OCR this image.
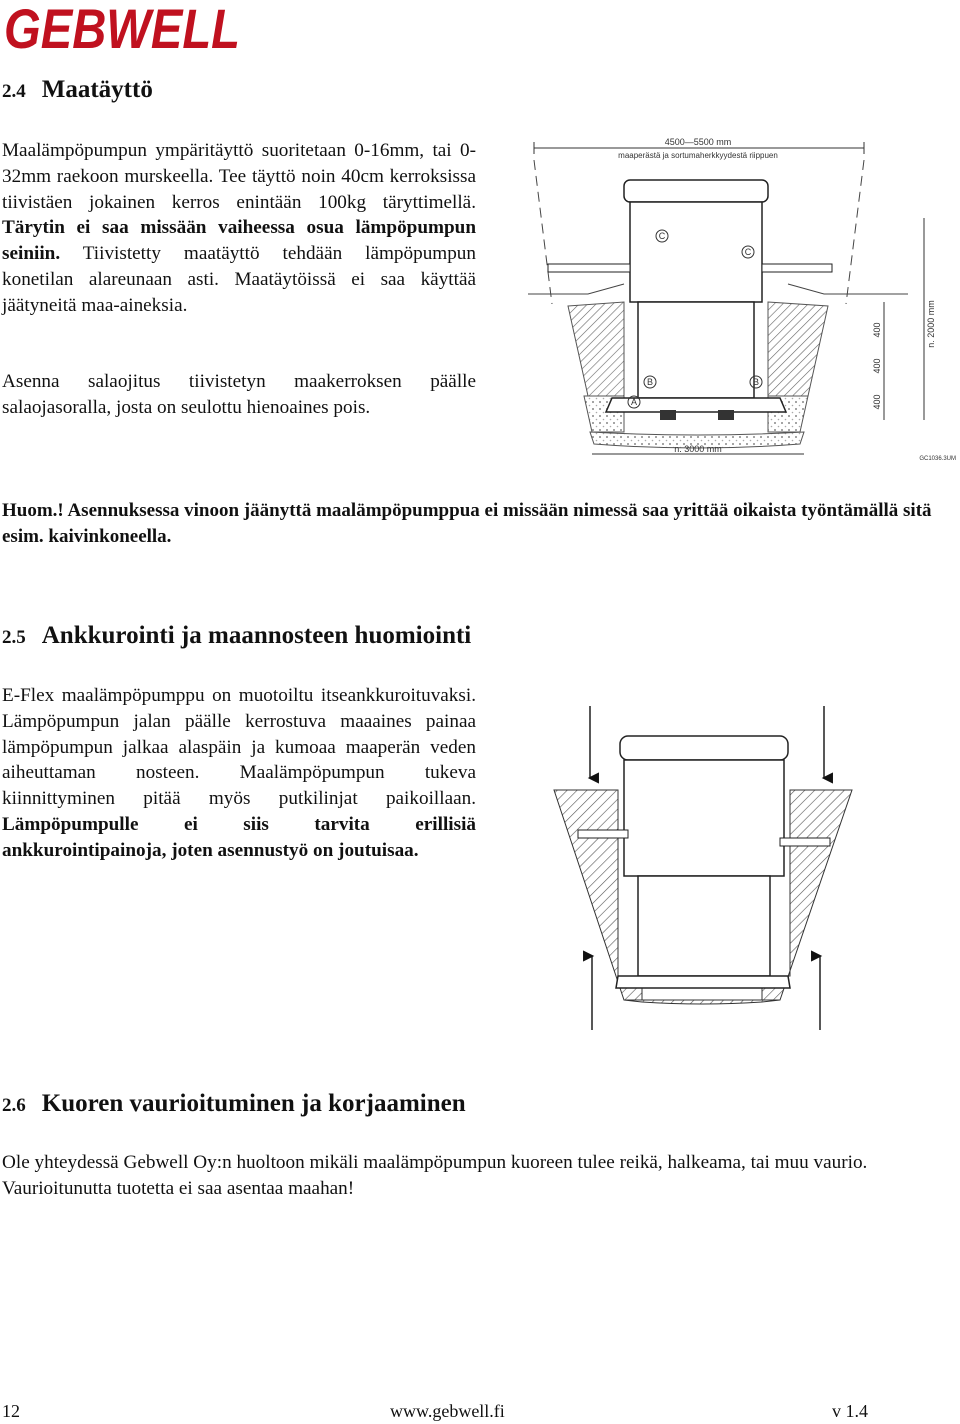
GEBWELL
2.4 Maatäyttö

Maalämpöpumpun ympäritäyttö suoritetaan 0-16mm, tai 0-32mm raekoon murskeella. Tee täyttö noin 40cm kerroksissa tiivistäen jokainen kerros enintään 100kg täryttimellä. Tärytin ei saa missään vaiheessa osua lämpöpumpun seiniin. Tiivistetty maatäyttö tehdään lämpöpumpun konetilan alareunaan asti. Maatäytöissä ei saa käyttää jäätyneitä maa-aineksia.

Asenna salaojitus tiivistetyn maakerroksen päälle salaojasoralla, josta on seulottu hienoaines pois.

4500—5500 mm
maaperästä ja sortumaherkkyydestä riippuen
C
C
B	B
A
400
400
400
n. 2000 mm
n. 3000 mm
GC1036.3UM

Huom.! Asennuksessa vinoon jäänyttä maalämpöpumppua ei missään nimessä saa yrittää oikaista työntämällä sitä esim. kaivinkoneella.

2.5 Ankkurointi ja maannosteen huomiointi

E-Flex maalämpöpumppu on muotoiltu itseankkuroituvaksi. Lämpöpumpun jalan päälle kerrostuva maaaines painaa lämpöpumpun jalkaa alaspäin ja kumoaa maaperän veden aiheuttaman nosteen. Maalämpöpumpun tukeva kiinnittyminen pitää myös putkilinjat paikoillaan. Lämpöpumpulle ei siis tarvita erillisiä ankkurointipainoja, joten asennustyö on joutuisaa.

2.6 Kuoren vaurioituminen ja korjaaminen

Ole yhteydessä Gebwell Oy:n huoltoon mikäli maalämpöpumpun kuoreen tulee reikä, halkeama, tai muu vaurio. Vaurioitunutta tuotetta ei saa asentaa maahan!

12	www.gebwell.fi	v 1.4
